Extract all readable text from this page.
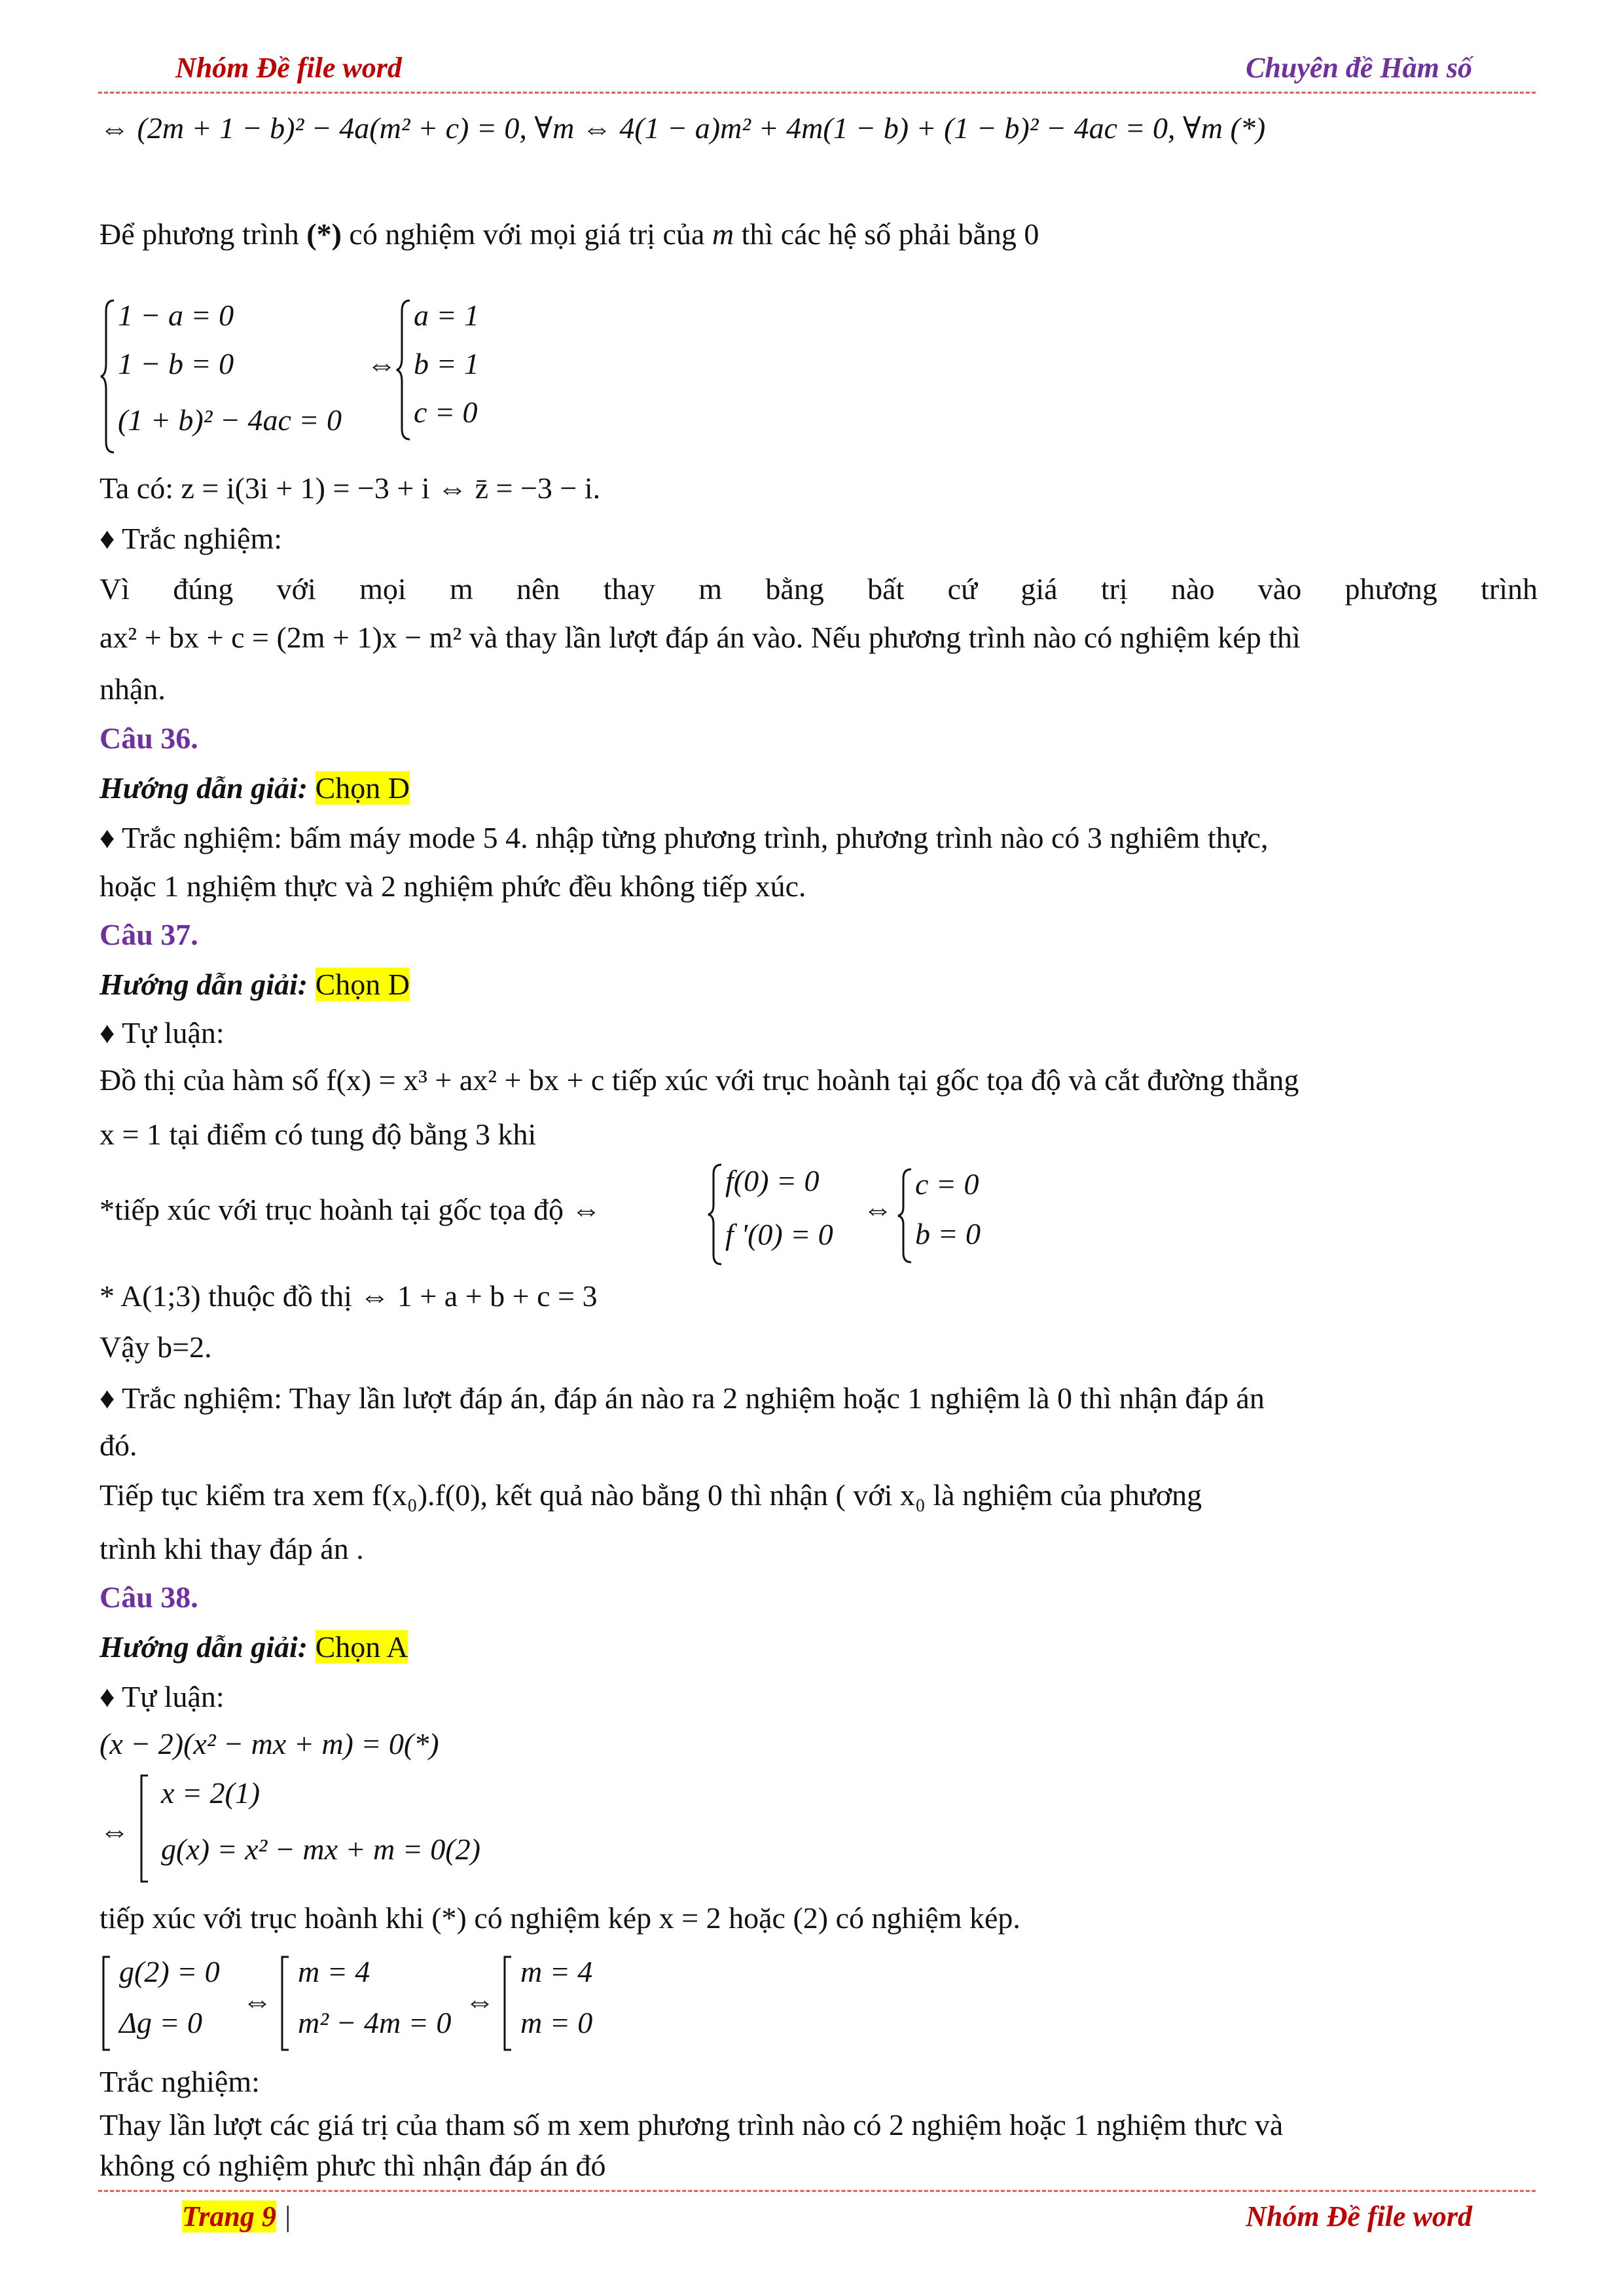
Nhóm Đề file word	Chuyên đề Hàm số
⇔ (2m + 1 − b)² − 4a(m² + c) = 0, ∀m ⇔ 4(1 − a)m² + 4m(1 − b) + (1 − b)² − 4ac = 0, ∀m (*)
Để phương trình (*) có nghiệm với mọi giá trị của m thì các hệ số phải bằng 0
1 − a = 0
1 − b = 0
(1 + b)² − 4ac = 0
⇔
a = 1
b = 1
c = 0
Ta có: z = i(3i + 1) = −3 + i ⇔ z̄ = −3 − i.
♦ Trắc nghiệm:
Vì đúng với mọi m nên thay m bằng bất cứ giá trị nào vào phương trình
ax² + bx + c = (2m + 1)x − m² và thay lần lượt đáp án vào. Nếu phương trình nào có nghiệm kép thì
nhận.
Câu 36.
Hướng dẫn giải: Chọn D
♦ Trắc nghiệm: bấm máy mode 5 4. nhập từng phương trình, phương trình nào có 3 nghiêm thực,
hoặc 1 nghiệm thực và 2 nghiệm phức đều không tiếp xúc.
Câu 37.
Hướng dẫn giải: Chọn D
♦ Tự luận:
Đồ thị của hàm số f(x) = x³ + ax² + bx + c tiếp xúc với trục hoành tại gốc tọa độ và cắt đường thẳng
x = 1 tại điểm có tung độ bằng 3 khi
*tiếp xúc với trục hoành tại gốc tọa độ ⇔
f(0) = 0
f '(0) = 0
⇔
c = 0
b = 0
* A(1;3) thuộc đồ thị ⇔ 1 + a + b + c = 3
Vậy b=2.
♦ Trắc nghiệm: Thay lần lượt đáp án, đáp án nào ra 2 nghiệm hoặc 1 nghiệm là 0 thì nhận đáp án
đó.
Tiếp tục kiểm tra xem f(x₀).f(0), kết quả nào bằng 0 thì nhận ( với x₀ là nghiệm của phương
trình khi thay đáp án .
Câu 38.
Hướng dẫn giải: Chọn A
♦ Tự luận:
(x − 2)(x² − mx + m) = 0(*)
⇔
x = 2(1)
g(x) = x² − mx + m = 0(2)
tiếp xúc với trục hoành khi (*) có nghiệm kép x = 2 hoặc (2) có nghiệm kép.
g(2) = 0
Δg = 0
⇔
m = 4
m² − 4m = 0
⇔
m = 4
m = 0
Trắc nghiệm:
Thay lần lượt các giá trị của tham số m xem phương trình nào có 2 nghiệm hoặc 1 nghiệm thưc và
không có nghiệm phưc thì nhận đáp án đó
Trang 9 |	Nhóm Đề file word
